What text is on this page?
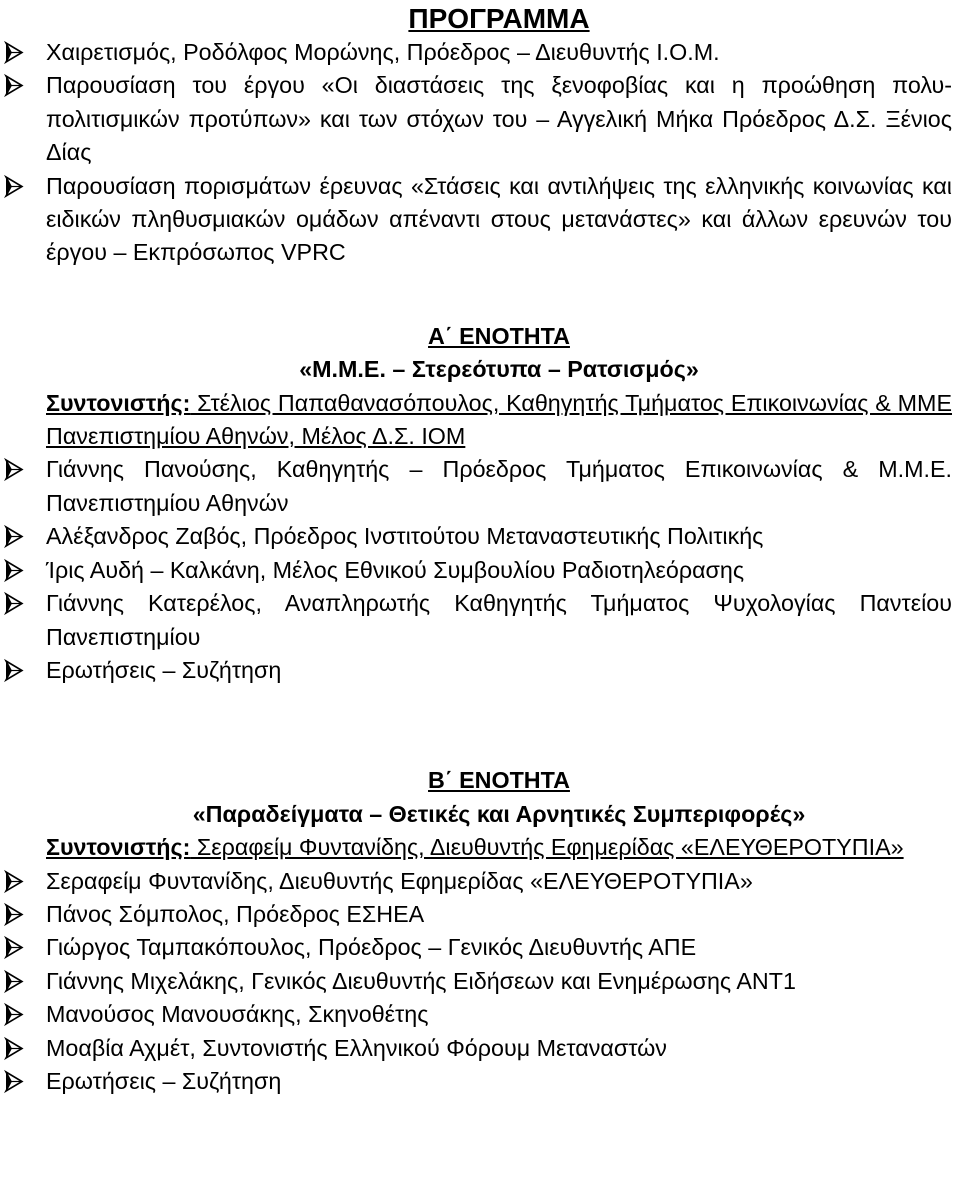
ΠΡΟΓΡΑΜΜΑ
Χαιρετισμός, Ροδόλφος Μορώνης, Πρόεδρος – Διευθυντής Ι.Ο.Μ.
Παρουσίαση του έργου «Οι διαστάσεις της ξενοφοβίας και η προώθηση πολυ-πολιτισμικών προτύπων» και των στόχων του – Αγγελική Μήκα Πρόεδρος Δ.Σ. Ξένιος Δίας
Παρουσίαση πορισμάτων έρευνας «Στάσεις και αντιλήψεις της ελληνικής κοινωνίας και ειδικών πληθυσμιακών ομάδων απέναντι στους μετανάστες» και άλλων ερευνών του έργου – Εκπρόσωπος VPRC
Α΄ ΕΝΟΤΗΤΑ
«Μ.Μ.Ε. – Στερεότυπα – Ρατσισμός»
Συντονιστής: Στέλιος Παπαθανασόπουλος, Καθηγητής Τμήματος Επικοινωνίας & ΜΜΕ Πανεπιστημίου Αθηνών, Μέλος Δ.Σ. ΙΟΜ
Γιάννης Πανούσης, Καθηγητής – Πρόεδρος Τμήματος Επικοινωνίας & Μ.Μ.Ε. Πανεπιστημίου Αθηνών
Αλέξανδρος Ζαβός, Πρόεδρος Ινστιτούτου Μεταναστευτικής Πολιτικής
Ίρις Αυδή – Καλκάνη, Μέλος Εθνικού Συμβουλίου Ραδιοτηλεόρασης
Γιάννης Κατερέλος, Αναπληρωτής Καθηγητής Τμήματος Ψυχολογίας Παντείου Πανεπιστημίου
Ερωτήσεις – Συζήτηση
Β΄ ΕΝΟΤΗΤΑ
«Παραδείγματα – Θετικές και Αρνητικές Συμπεριφορές»
Συντονιστής: Σεραφείμ Φυντανίδης, Διευθυντής Εφημερίδας «ΕΛΕΥΘΕΡΟΤΥΠΙΑ»
Σεραφείμ Φυντανίδης, Διευθυντής Εφημερίδας «ΕΛΕΥΘΕΡΟΤΥΠΙΑ»
Πάνος Σόμπολος, Πρόεδρος ΕΣΗΕΑ
Γιώργος Ταμπακόπουλος, Πρόεδρος – Γενικός Διευθυντής ΑΠΕ
Γιάννης Μιχελάκης, Γενικός Διευθυντής Ειδήσεων και Ενημέρωσης ΑΝΤ1
Μανούσος Μανουσάκης, Σκηνοθέτης
Μοαβία Αχμέτ, Συντονιστής Ελληνικού Φόρουμ Μεταναστών
Ερωτήσεις – Συζήτηση
